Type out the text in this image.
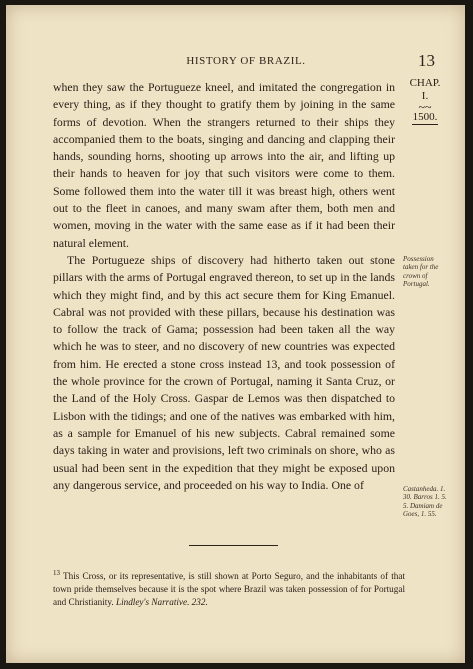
HISTORY OF BRAZIL.	13
CHAP.
I.
~~
1500.

when they saw the Portugueze kneel, and imitated the congregation in every thing, as if they thought to gratify them by joining in the same forms of devotion. When the strangers returned to their ships they accompanied them to the boats, singing and dancing and clapping their hands, sounding horns, shooting up arrows into the air, and lifting up their hands to heaven for joy that such visitors were come to them. Some followed them into the water till it was breast high, others went out to the fleet in canoes, and many swam after them, both men and women, moving in the water with the same ease as if it had been their natural element.

The Portugueze ships of discovery had hitherto taken out stone pillars with the arms of Portugal engraved thereon, to set up in the lands which they might find, and by this act secure them for King Emanuel. Cabral was not provided with these pillars, because his destination was to follow the track of Gama; possession had been taken all the way which he was to steer, and no discovery of new countries was expected from him. He erected a stone cross instead 13, and took possession of the whole province for the crown of Portugal, naming it Santa Cruz, or the Land of the Holy Cross. Gaspar de Lemos was then dispatched to Lisbon with the tidings; and one of the natives was embarked with him, as a sample for Emanuel of his new subjects. Cabral remained some days taking in water and provisions, left two criminals on shore, who as usual had been sent in the expedition that they might be exposed upon any dangerous service, and proceeded on his way to India. One of

Possession taken for the crown of Portugal.
Castanheda. 1. 30. Barros 1. 5. 5. Damiam de Goes, 1. 55.
$^{13}$ This Cross, or its representative, is still shown at Porto Seguro, and the inhabitants of that town pride themselves because it is the spot where Brazil was taken possession of for Portugal and Christianity. Lindley's Narrative. 232.
